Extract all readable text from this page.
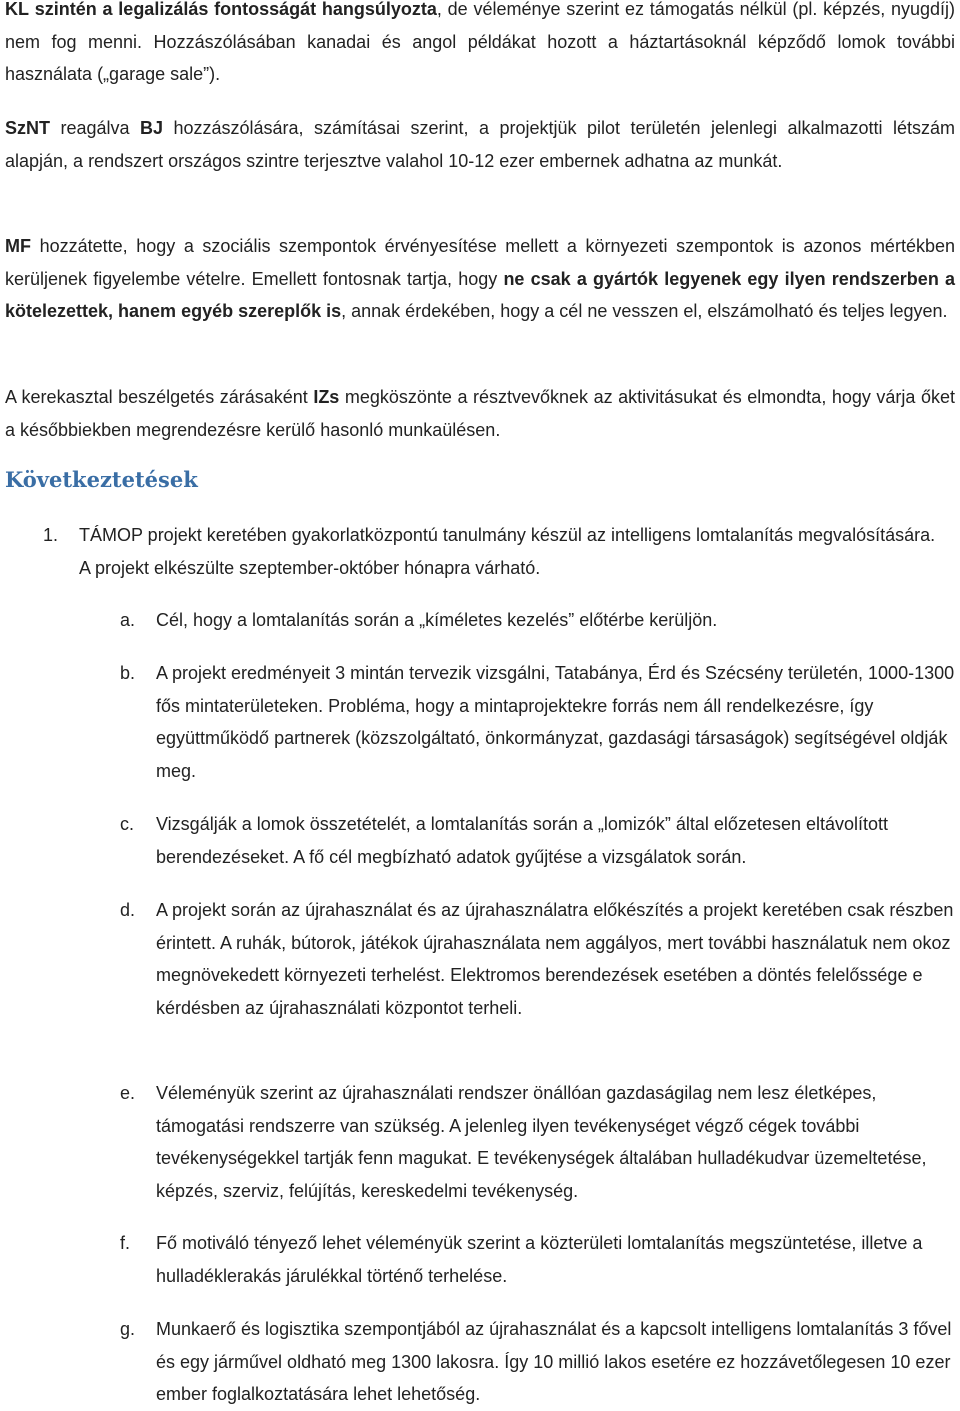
KL szintén a legalizálás fontosságát hangsúlyozta, de véleménye szerint ez támogatás nélkül (pl. képzés, nyugdíj) nem fog menni. Hozzászólásában kanadai és angol példákat hozott a háztartásoknál képződő lomok további használata („garage sale”).

SzNT reagálva BJ hozzászólására, számításai szerint, a projektjük pilot területén jelenlegi alkalmazotti létszám alapján, a rendszert országos szintre terjesztve valahol 10-12 ezer embernek adhatna az munkát.

MF hozzátette, hogy a szociális szempontok érvényesítése mellett a környezeti szempontok is azonos mértékben kerüljenek figyelembe vételre. Emellett fontosnak tartja, hogy ne csak a gyártók legyenek egy ilyen rendszerben a kötelezettek, hanem egyéb szereplők is, annak érdekében, hogy a cél ne vesszen el, elszámolható és teljes legyen.

A kerekasztal beszélgetés zárásaként IZs megköszönte a résztvevőknek az aktivitásukat és elmondta, hogy várja őket a későbbiekben megrendezésre kerülő hasonló munkaülésen.

Következtetések
1. TÁMOP projekt keretében gyakorlatközpontú tanulmány készül az intelligens lomtalanítás megvalósítására. A projekt elkészülte szeptember-október hónapra várható.
a. Cél, hogy a lomtalanítás során a „kíméletes kezelés” előtérbe kerüljön.
b. A projekt eredményeit 3 mintán tervezik vizsgálni, Tatabánya, Érd és Szécsény területén, 1000-1300 fős mintaterületeken. Probléma, hogy a mintaprojektekre forrás nem áll rendelkezésre, így együttműködő partnerek (közszolgáltató, önkormányzat, gazdasági társaságok) segítségével oldják meg.
c. Vizsgálják a lomok összetételét, a lomtalanítás során a „lomizók” által előzetesen eltávolított berendezéseket. A fő cél megbízható adatok gyűjtése a vizsgálatok során.
d. A projekt során az újrahasználat és az újrahasználatra előkészítés a projekt keretében csak részben érintett. A ruhák, bútorok, játékok újrahasználata nem aggályos, mert további használatuk nem okoz megnövekedett környezeti terhelést. Elektromos berendezések esetében a döntés felelőssége e kérdésben az újrahasználati központot terheli.
e. Véleményük szerint az újrahasználati rendszer önállóan gazdaságilag nem lesz életképes, támogatási rendszerre van szükség. A jelenleg ilyen tevékenységet végző cégek további tevékenységekkel tartják fenn magukat. E tevékenységek általában hulladékudvar üzemeltetése, képzés, szerviz, felújítás, kereskedelmi tevékenység.
f. Fő motiváló tényező lehet véleményük szerint a közterületi lomtalanítás megszüntetése, illetve a hulladéklerakás járulékkal történő terhelése.
g. Munkaerő és logisztika szempontjából az újrahasználat és a kapcsolt intelligens lomtalanítás 3 fővel és egy járművel oldható meg 1300 lakosra. Így 10 millió lakos esetére ez hozzávetőlegesen 10 ezer ember foglalkoztatására lehet lehetőség.
